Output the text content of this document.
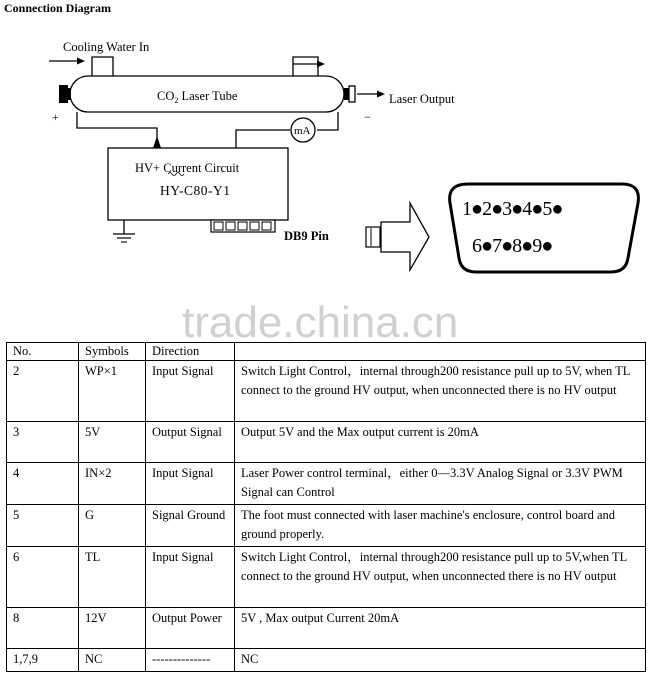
Connection Diagram
Cooling Water In
$CO_2$ Laser Tube	Laser Output
+	−
mA
HV+ Current Circuit
HY-C80-Y1
DB9 Pin
1●2●3●4●5●
6●7●8●9●
trade.china.cn
No.	Symbols	Direction	
2	WP×1	Input Signal	Switch Light Control，internal through200 resistance pull up to 5V, when TL connect to the ground HV output, when unconnected there is no HV output
3	5V	Output Signal	Output 5V and the Max output current is 20mA
4	IN×2	Input Signal	Laser Power control terminal，either 0—3.3V Analog Signal or 3.3V PWM Signal can Control
5	G	Signal Ground	The foot must connected with laser machine's enclosure, control board and ground properly.
6	TL	Input Signal	Switch Light Control，internal through200 resistance pull up to 5V,when TL connect to the ground HV output, when unconnected there is no HV output
8	12V	Output Power	5V , Max output Current 20mA
1,7,9	NC	--------------	NC
